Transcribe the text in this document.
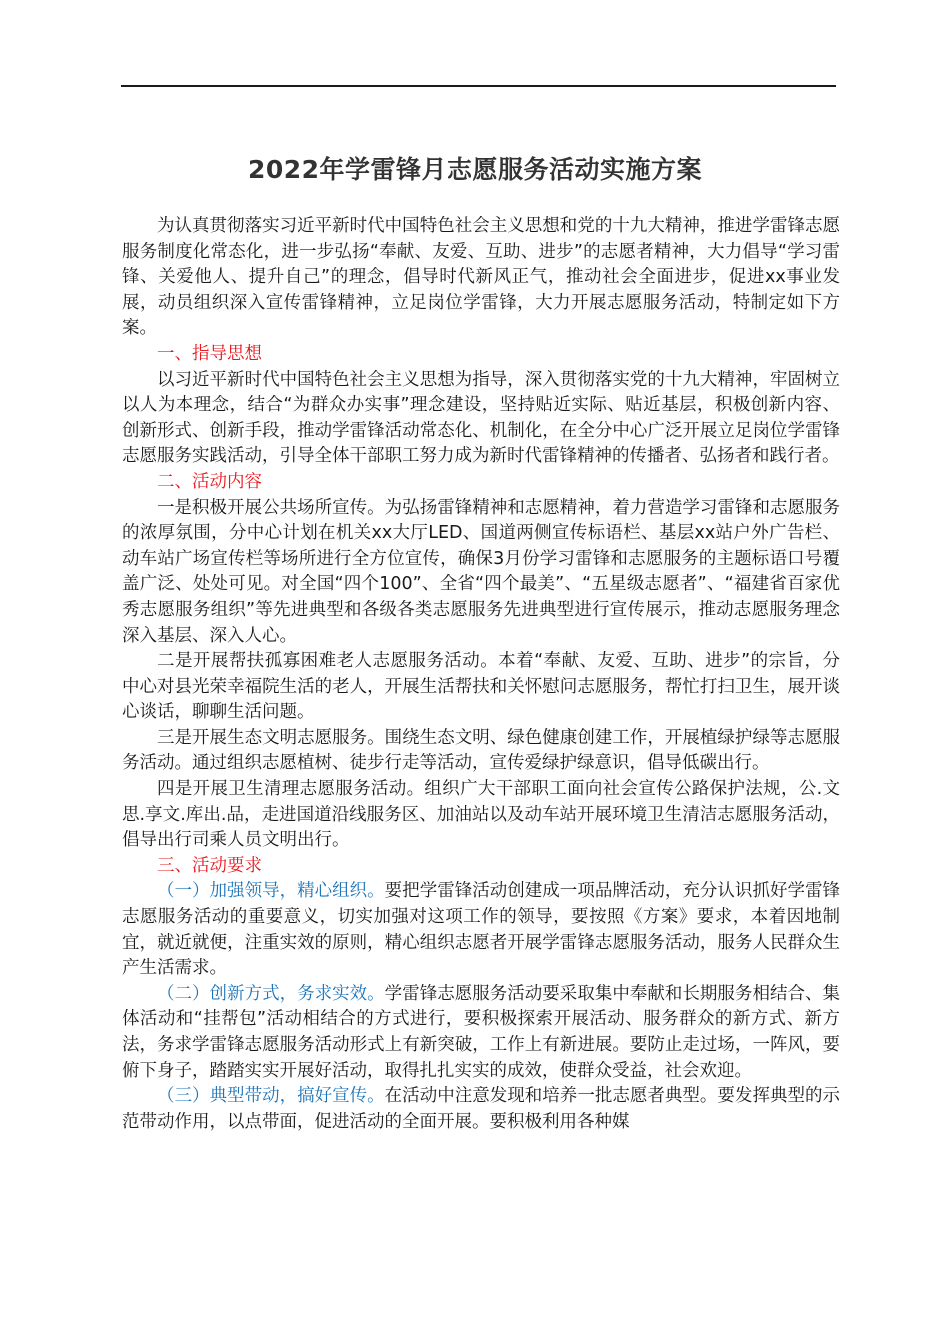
2022年学雷锋月志愿服务活动实施方案

为认真贯彻落实习近平新时代中国特色社会主义思想和党的十九大精神，推进学雷锋志愿服务制度化常态化，进一步弘扬“奉献、友爱、互助、进步”的志愿者精神，大力倡导“学习雷锋、关爱他人、提升自己”的理念，倡导时代新风正气，推动社会全面进步，促进xx事业发展，动员组织深入宣传雷锋精神，立足岗位学雷锋，大力开展志愿服务活动，特制定如下方案。

一、指导思想

以习近平新时代中国特色社会主义思想为指导，深入贯彻落实党的十九大精神，牢固树立以人为本理念，结合“为群众办实事”理念建设，坚持贴近实际、贴近基层，积极创新内容、创新形式、创新手段，推动学雷锋活动常态化、机制化，在全分中心广泛开展立足岗位学雷锋志愿服务实践活动，引导全体干部职工努力成为新时代雷锋精神的传播者、弘扬者和践行者。

二、活动内容

一是积极开展公共场所宣传。为弘扬雷锋精神和志愿精神，着力营造学习雷锋和志愿服务的浓厚氛围，分中心计划在机关xx大厅LED、国道两侧宣传标语栏、基层xx站户外广告栏、动车站广场宣传栏等场所进行全方位宣传，确保3月份学习雷锋和志愿服务的主题标语口号覆盖广泛、处处可见。对全国“四个100”、全省“四个最美”、“五星级志愿者”、“福建省百家优秀志愿服务组织”等先进典型和各级各类志愿服务先进典型进行宣传展示，推动志愿服务理念深入基层、深入人心。

二是开展帮扶孤寡困难老人志愿服务活动。本着“奉献、友爱、互助、进步”的宗旨，分中心对县光荣幸福院生活的老人，开展生活帮扶和关怀慰问志愿服务，帮忙打扫卫生，展开谈心谈话，聊聊生活问题。

三是开展生态文明志愿服务。围绕生态文明、绿色健康创建工作，开展植绿护绿等志愿服务活动。通过组织志愿植树、徒步行走等活动，宣传爱绿护绿意识，倡导低碳出行。

四是开展卫生清理志愿服务活动。组织广大干部职工面向社会宣传公路保护法规，公.文思.享文.库出.品，走进国道沿线服务区、加油站以及动车站开展环境卫生清洁志愿服务活动，倡导出行司乘人员文明出行。

三、活动要求

（一）加强领导，精心组织。要把学雷锋活动创建成一项品牌活动，充分认识抓好学雷锋志愿服务活动的重要意义，切实加强对这项工作的领导，要按照《方案》要求，本着因地制宜，就近就便，注重实效的原则，精心组织志愿者开展学雷锋志愿服务活动，服务人民群众生产生活需求。

（二）创新方式，务求实效。学雷锋志愿服务活动要采取集中奉献和长期服务相结合、集体活动和“挂帮包”活动相结合的方式进行，要积极探索开展活动、服务群众的新方式、新方法，务求学雷锋志愿服务活动形式上有新突破，工作上有新进展。要防止走过场，一阵风，要俯下身子，踏踏实实开展好活动，取得扎扎实实的成效，使群众受益，社会欢迎。

（三）典型带动，搞好宣传。在活动中注意发现和培养一批志愿者典型。要发挥典型的示范带动作用，以点带面，促进活动的全面开展。要积极利用各种媒
